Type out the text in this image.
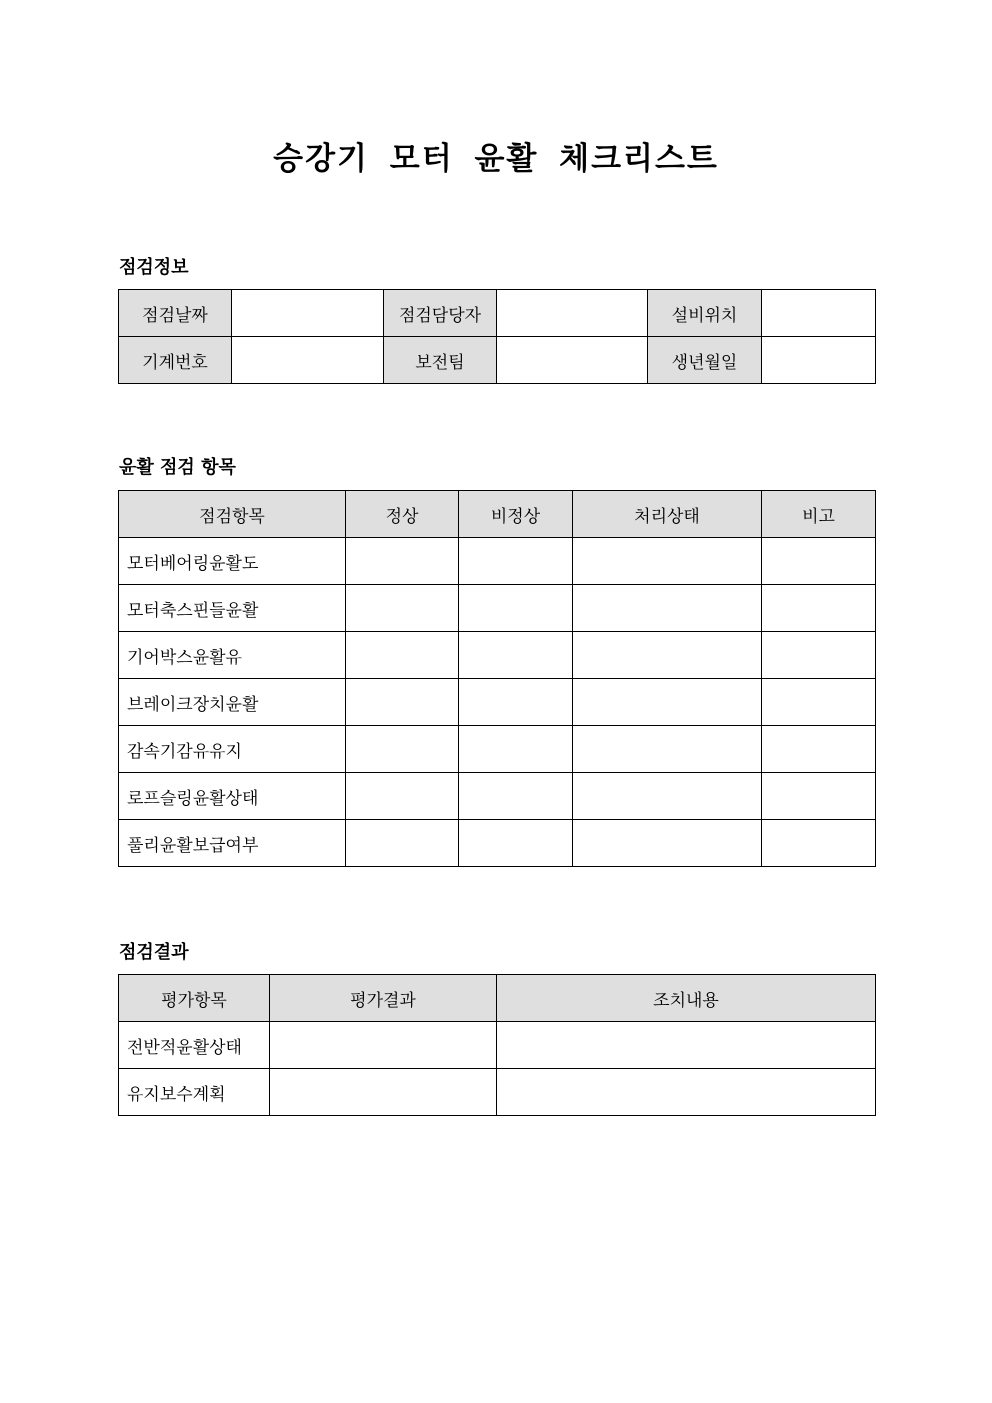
승강기 모터 윤활 체크리스트
점검정보
점검날짜		점검담당자		설비위치	
기계번호		보전팀		생년월일	
윤활 점검 항목
점검항목	정상	비정상	처리상태	비고
모터베어링윤활도				
모터축스핀들윤활				
기어박스윤활유				
브레이크장치윤활				
감속기감유유지				
로프슬링윤활상태				
풀리윤활보급여부				
점검결과
평가항목	평가결과	조치내용
전반적윤활상태		
유지보수계획		
